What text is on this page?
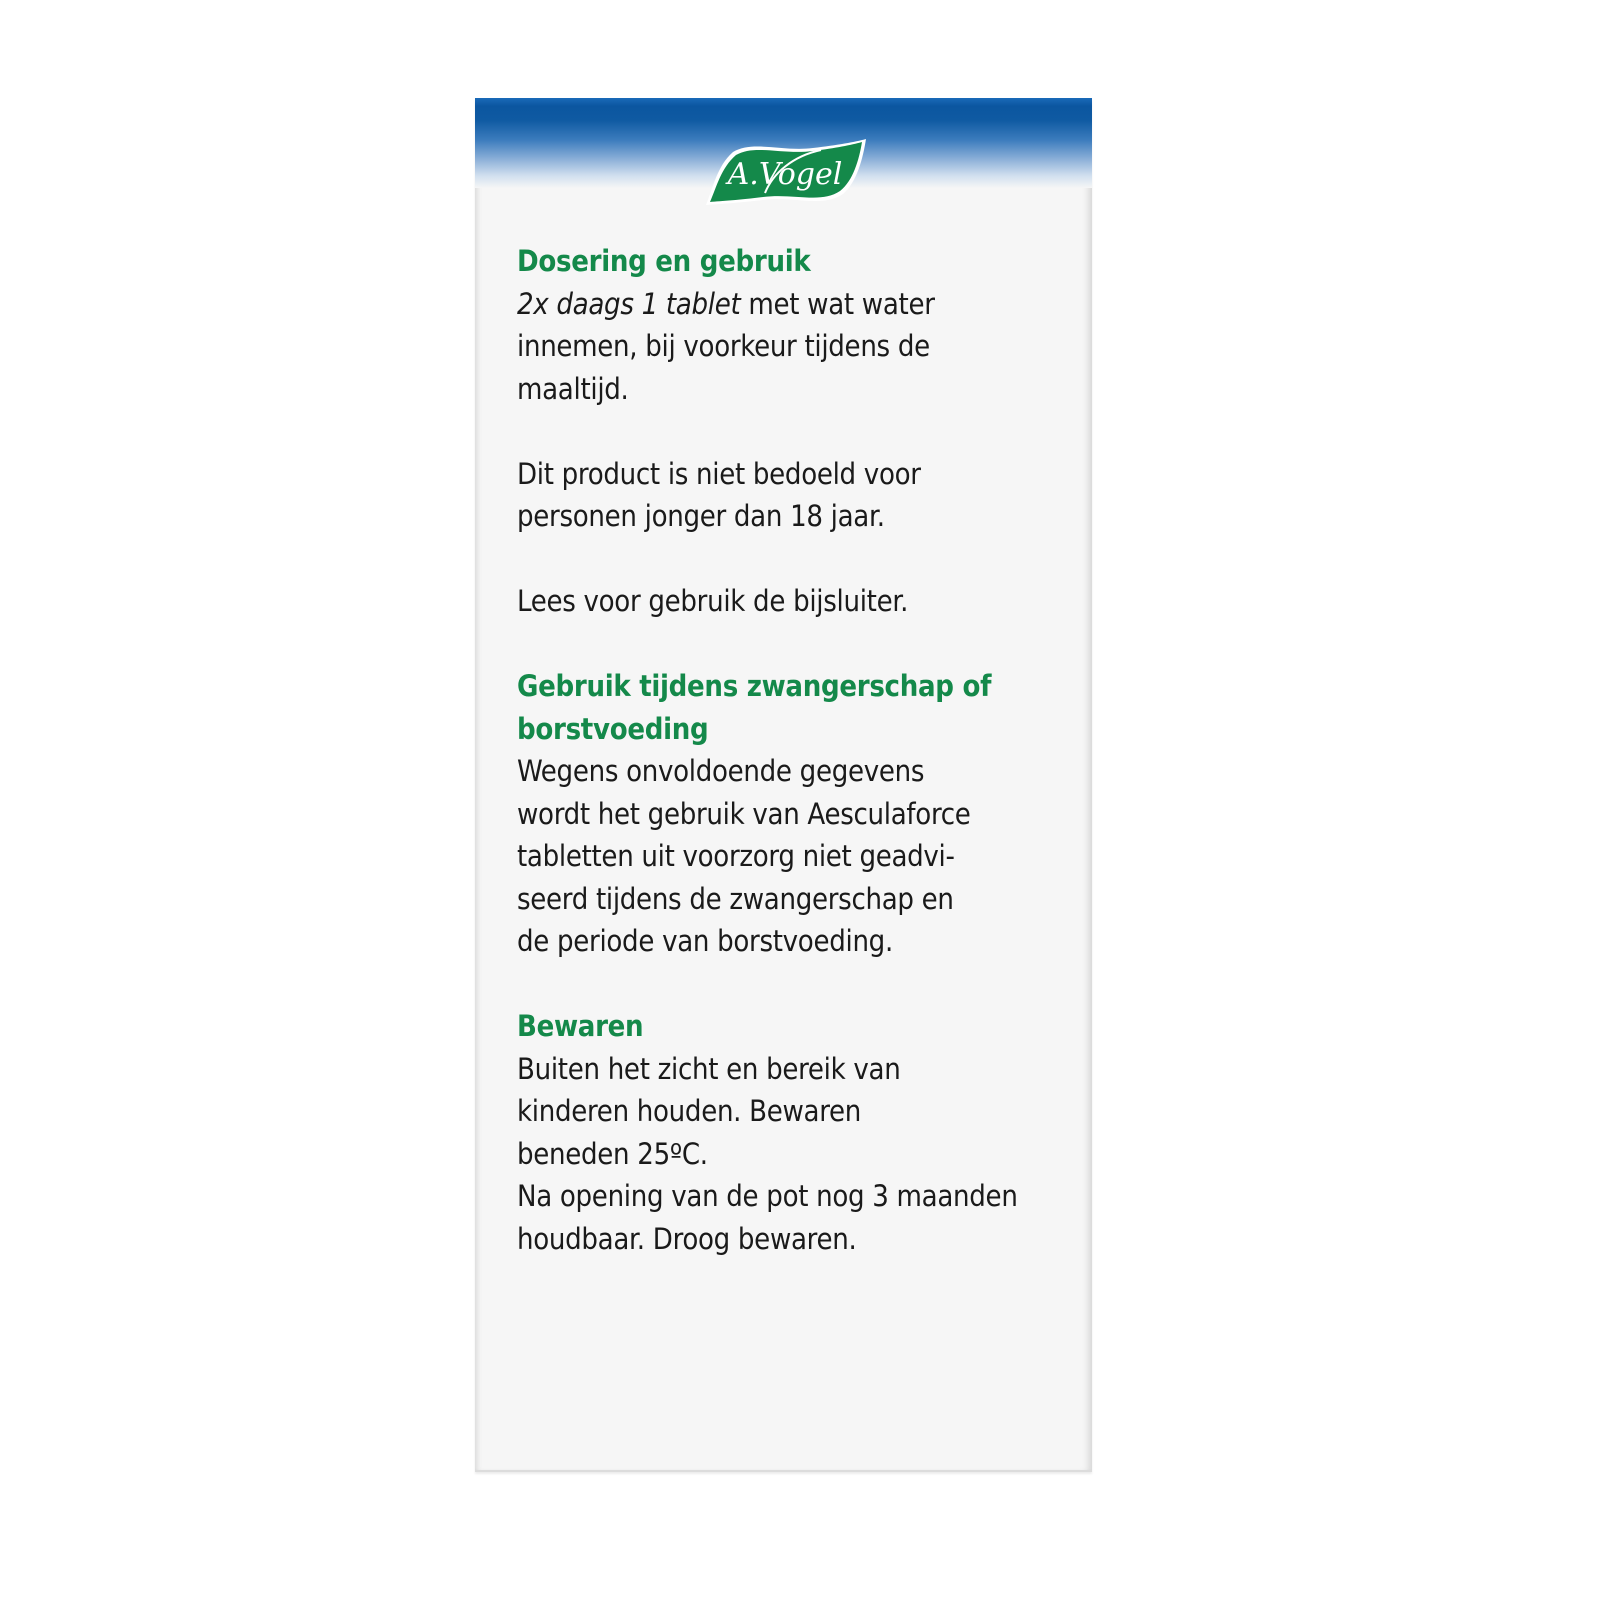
A.Vogel

Dosering en gebruik

2x daags 1 tablet met wat water

innemen, bij voorkeur tijdens de

maaltijd.

Dit product is niet bedoeld voor

personen jonger dan 18 jaar.

Lees voor gebruik de bijsluiter.

Gebruik tijdens zwangerschap of

borstvoeding

Wegens onvoldoende gegevens

wordt het gebruik van Aesculaforce

tabletten uit voorzorg niet geadvi-

seerd tijdens de zwangerschap en

de periode van borstvoeding.

Bewaren

Buiten het zicht en bereik van

kinderen houden. Bewaren

beneden 25ºC.

Na opening van de pot nog 3 maanden

houdbaar. Droog bewaren.
